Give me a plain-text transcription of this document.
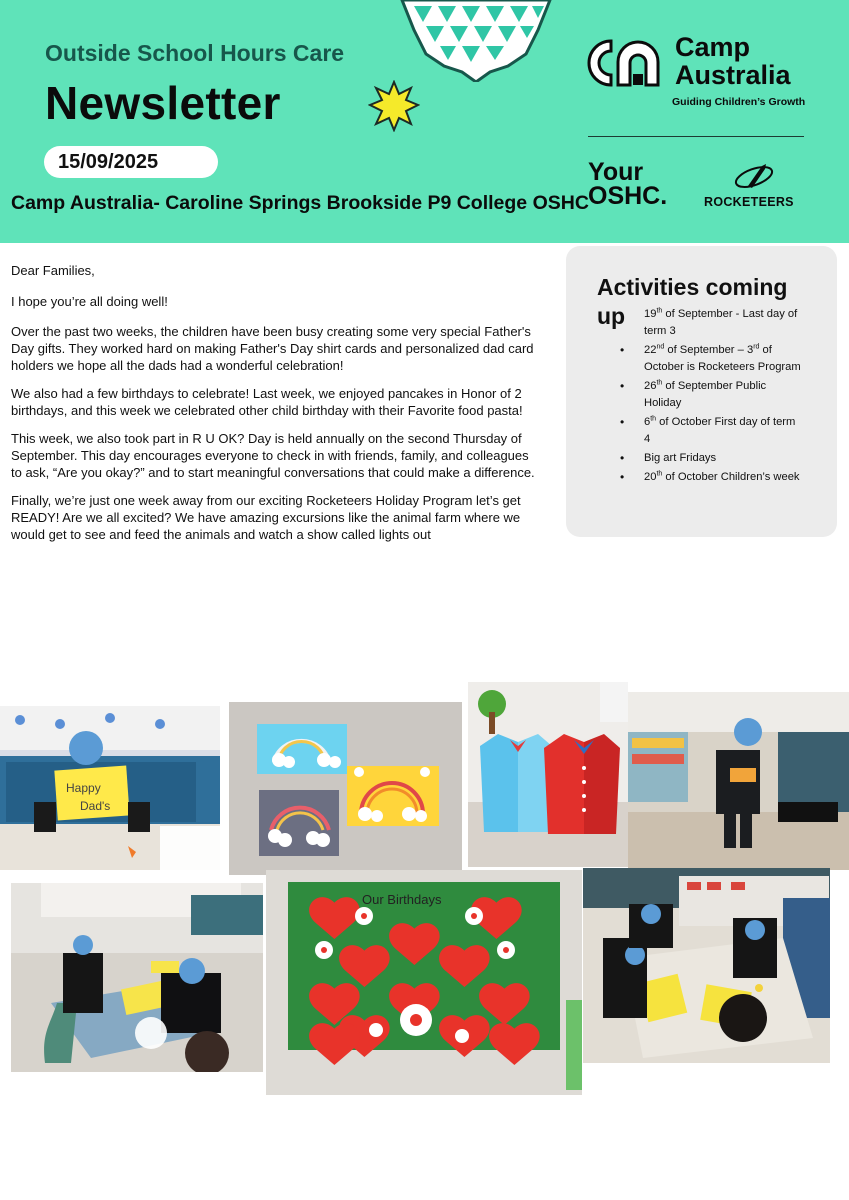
Outside School Hours Care
Newsletter
15/09/2025
Camp Australia- Caroline Springs Brookside P9 College OSHC
Camp
Australia
Guiding Children’s Growth
Your
OSHC.	ROCKETEERS

Dear Families,

I hope you’re all doing well!

Over the past two weeks, the children have been busy creating some very special Father's Day gifts. They worked hard on making Father's Day shirt cards and personalized dad card holders we hope all the dads had a wonderful celebration!

We also had a few birthdays to celebrate! Last week, we enjoyed pancakes in Honor of 2 birthdays, and this week we celebrated other child birthday with their Favorite food pasta!

This week, we also took part in R U OK? Day is held annually on the second Thursday of September. This day encourages everyone to check in with friends, family, and colleagues to ask, “Are you okay?” and to start meaningful conversations that could make a difference.

Finally, we’re just one week away from our exciting Rocketeers Holiday Program let’s get READY! Are we all excited? We have amazing excursions like the animal farm where we would get to see and feed the animals and watch a show called lights out

Activities coming up	19th of September - Last day of term 3
• 22nd of September – 3rd of October is Rocketeers Program
• 26th of September Public Holiday
• 6th of October First day of term 4
• Big art Fridays
• 20th of October Children’s week
Happy
Dad's
Our Birthdays
